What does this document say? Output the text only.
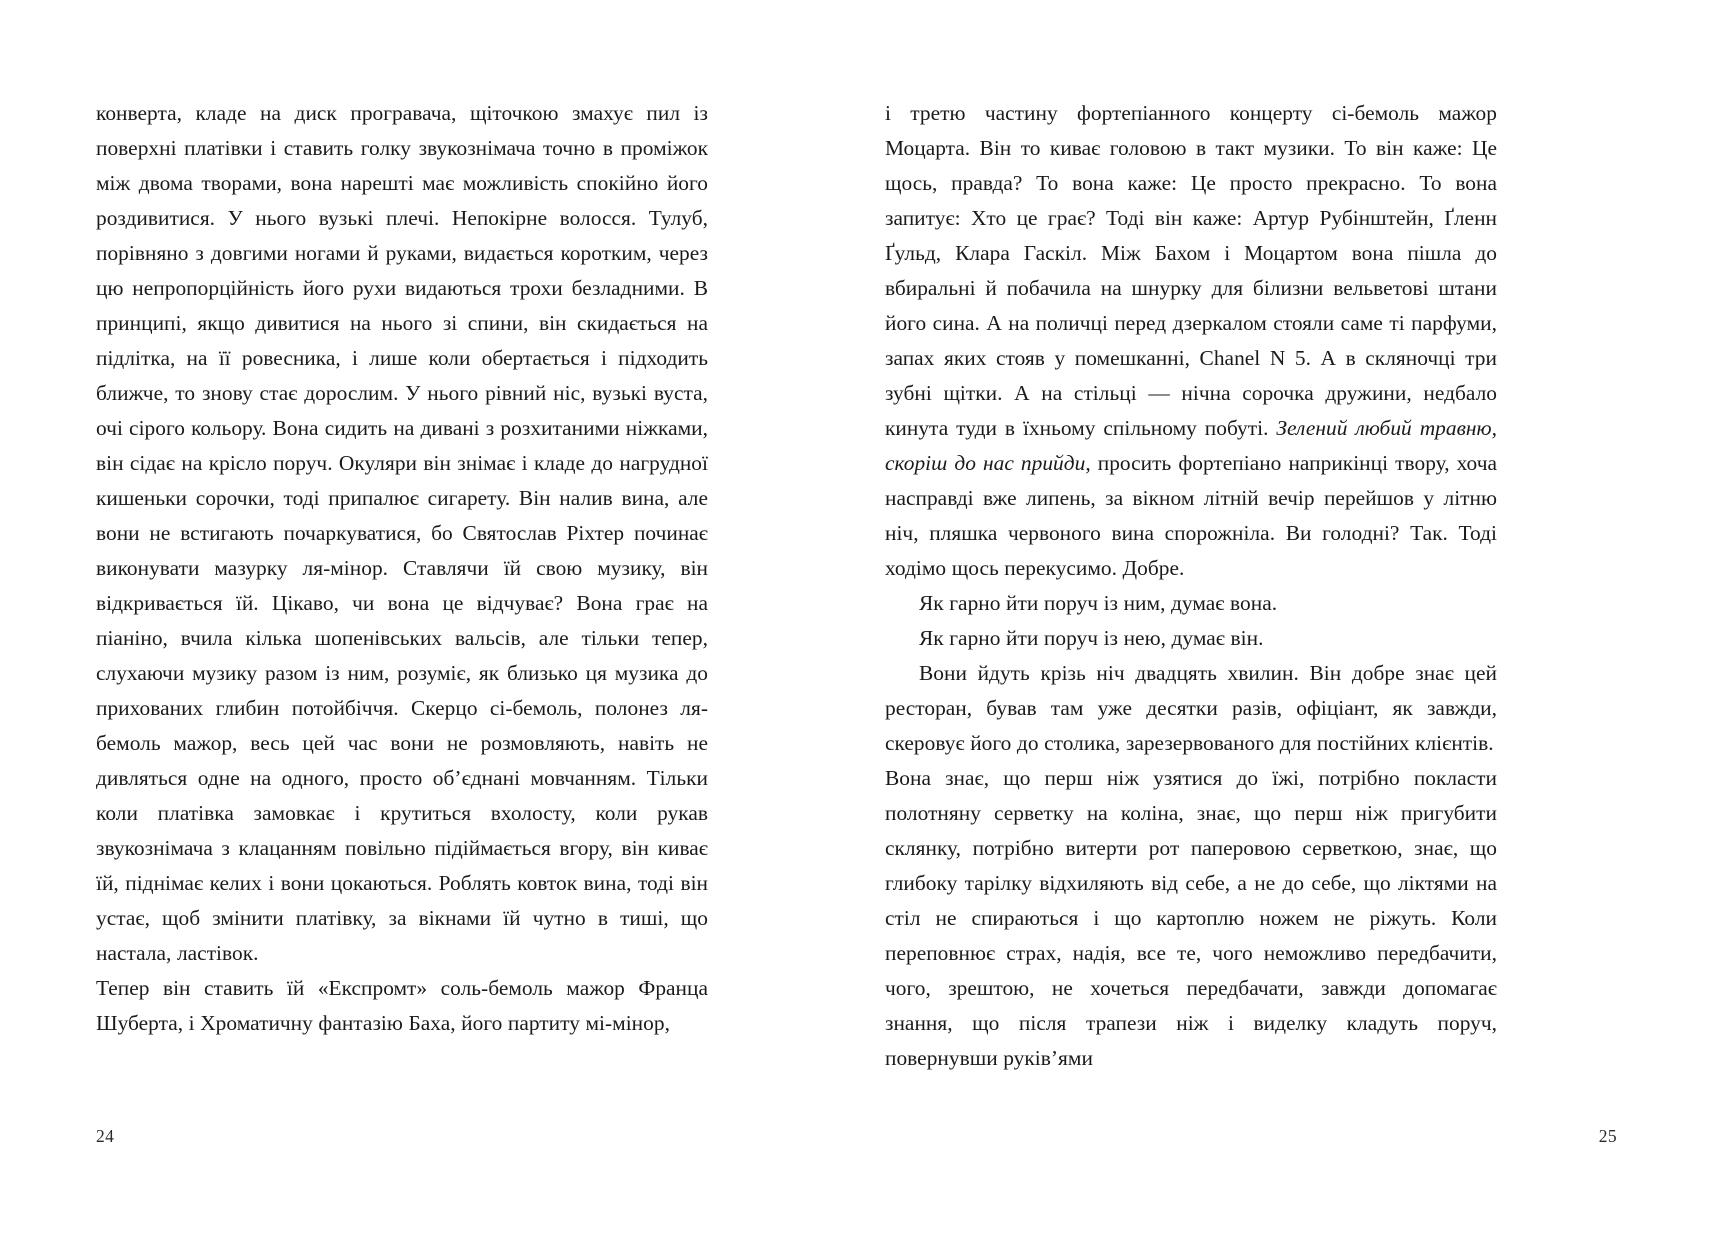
конверта, кладе на диск програвача, щіточкою змахує пил із поверхні платівки і ставить голку звукознімача точно в проміжок між двома творами, вона нарешті має можливість спокійно його роздивитися. У нього вузькі плечі. Непокірне волосся. Тулуб, порівняно з довгими ногами й руками, видається коротким, через цю непропорційність його рухи видаються трохи безладними. В принципі, якщо дивитися на нього зі спини, він скидається на підлітка, на її ровесника, і лише коли обертається і підходить ближче, то знову стає дорослим. У нього рівний ніс, вузькі вуста, очі сірого кольору. Вона сидить на дивані з розхитаними ніжками, він сідає на крісло поруч. Окуляри він знімає і кладе до нагрудної кишеньки сорочки, тоді припалює сигарету. Він налив вина, але вони не встигають почаркуватися, бо Святослав Ріхтер починає виконувати мазурку ля-мінор. Ставлячи їй свою музику, він відкривається їй. Цікаво, чи вона це відчуває? Вона грає на піаніно, вчила кілька шопенівських вальсів, але тільки тепер, слухаючи музику разом із ним, розуміє, як близько ця музика до прихованих глибин потойбіччя. Скерцо сі-бемоль, полонез ля-бемоль мажор, весь цей час вони не розмовляють, навіть не дивляться одне на одного, просто об’єднані мовчанням. Тільки коли платівка замовкає і крутиться вхолосту, коли рукав звукознімача з клацанням повільно підіймається вгору, він киває їй, піднімає келих і вони цокаються. Роблять ковток вина, тоді він устає, щоб змінити платівку, за вікнами їй чутно в тиші, що настала, ластівок.

Тепер він ставить їй «Експромт» соль-бемоль мажор Франца Шуберта, і Хроматичну фантазію Баха, його партиту мі-мінор,

24

і третю частину фортепіанного концерту сі-бемоль мажор Моцарта. Він то киває головою в такт музики. То він каже: Це щось, правда? То вона каже: Це просто прекрасно. То вона запитує: Хто це грає? Тоді він каже: Артур Рубінштейн, Ґленн Ґульд, Клара Гаскіл. Між Бахом і Моцартом вона пішла до вбиральні й побачила на шнурку для білизни вельветові штани його сина. А на поличці перед дзеркалом стояли саме ті парфуми, запах яких стояв у помешканні, Chanel N 5. А в скляночці три зубні щітки. А на стільці — нічна сорочка дружини, недбало кинута туди в їхньому спільному побуті. Зелений любий травню, скоріш до нас прийди, просить фортепіано наприкінці твору, хоча насправді вже липень, за вікном літній вечір перейшов у літню ніч, пляшка червоного вина спорожніла. Ви голодні? Так. Тоді ходімо щось перекусимо. Добре.

Як гарно йти поруч із ним, думає вона.

Як гарно йти поруч із нею, думає він.

Вони йдуть крізь ніч двадцять хвилин. Він добре знає цей ресторан, бував там уже десятки разів, офіціант, як завжди, скеровує його до столика, зарезервованого для постійних клієнтів.

Вона знає, що перш ніж узятися до їжі, потрібно покласти полотняну серветку на коліна, знає, що перш ніж пригубити склянку, потрібно витерти рот паперовою серветкою, знає, що глибоку тарілку відхиляють від себе, а не до себе, що ліктями на стіл не спираються і що картоплю ножем не ріжуть. Коли переповнює страх, надія, все те, чого неможливо передбачити, чого, зрештою, не хочеться передбачати, завжди допомагає знання, що після трапези ніж і виделку кладуть поруч, повернувши руків’ями

25
